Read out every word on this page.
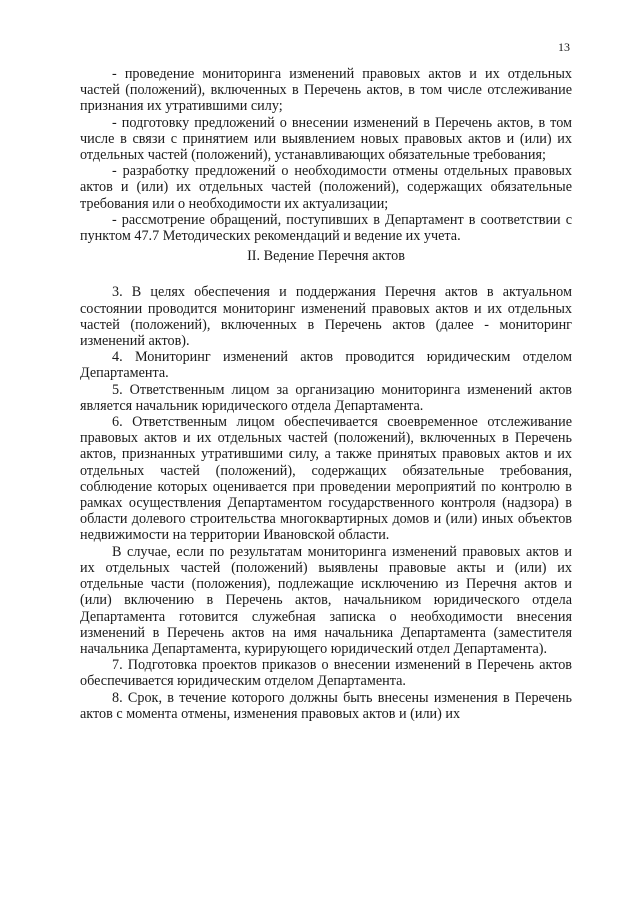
13

- проведение мониторинга изменений правовых актов и их отдельных частей (положений), включенных в Перечень актов, в том числе отслеживание признания их утратившими силу;

- подготовку предложений о внесении изменений в Перечень актов, в том числе в связи с принятием или выявлением новых правовых актов и (или) их отдельных частей (положений), устанавливающих обязательные требования;

- разработку предложений о необходимости отмены отдельных правовых актов и (или) их отдельных частей (положений), содержащих обязательные требования или о необходимости их актуализации;

- рассмотрение обращений, поступивших в Департамент в соответствии с пунктом 47.7 Методических рекомендаций и ведение их учета.

II. Ведение Перечня актов

3. В целях обеспечения и поддержания Перечня актов в актуальном состоянии проводится мониторинг изменений правовых актов и их отдельных частей (положений), включенных в Перечень актов (далее - мониторинг изменений актов).

4. Мониторинг изменений актов проводится юридическим отделом Департамента.

5. Ответственным лицом за организацию мониторинга изменений актов является начальник юридического отдела Департамента.

6. Ответственным лицом обеспечивается своевременное отслеживание правовых актов и их отдельных частей (положений), включенных в Перечень актов, признанных утратившими силу, а также принятых правовых актов и их отдельных частей (положений), содержащих обязательные требования, соблюдение которых оценивается при проведении мероприятий по контролю в рамках осуществления Департаментом государственного контроля (надзора) в области долевого строительства многоквартирных домов и (или) иных объектов недвижимости на территории Ивановской области.

В случае, если по результатам мониторинга изменений правовых актов и их отдельных частей (положений) выявлены правовые акты и (или) их отдельные части (положения), подлежащие исключению из Перечня актов и (или) включению в Перечень актов, начальником юридического отдела Департамента готовится служебная записка о необходимости внесения изменений в Перечень актов на имя начальника Департамента (заместителя начальника Департамента, курирующего юридический отдел Департамента).

7. Подготовка проектов приказов о внесении изменений в Перечень актов обеспечивается юридическим отделом Департамента.

8. Срок, в течение которого должны быть внесены изменения в Перечень актов с момента отмены, изменения правовых актов и (или) их
